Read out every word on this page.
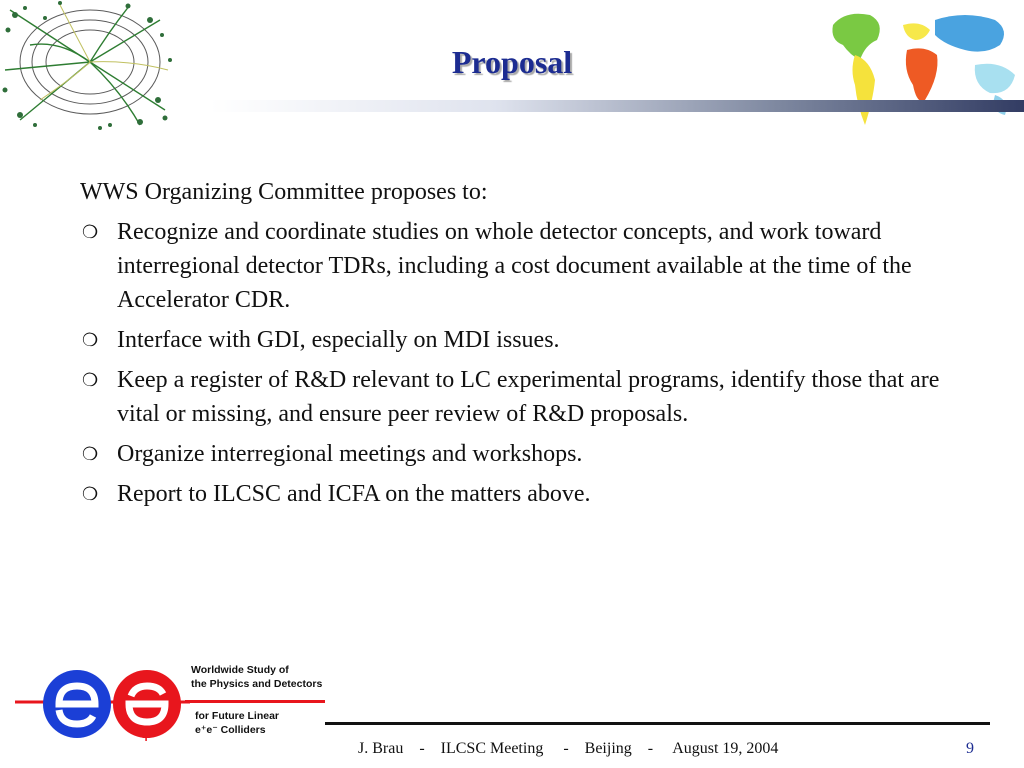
Proposal

WWS Organizing Committee proposes to:

❍ Recognize and coordinate studies on whole detector concepts, and work toward interregional detector TDRs, including a cost document available at the time of the Accelerator CDR.
❍ Interface with GDI, especially on MDI issues.
❍ Keep a register of R&D relevant to LC experimental programs, identify those that are vital or missing, and ensure peer review of R&D proposals.
❍ Organize interregional meetings and workshops.
❍ Report to ILCSC and ICFA on the matters above.
−
+
Worldwide Study of
the Physics and Detectors
for Future Linear
e⁺e⁻ Colliders
J. Brau    -    ILCSC Meeting     -    Beijing    -     August 19, 2004	9
